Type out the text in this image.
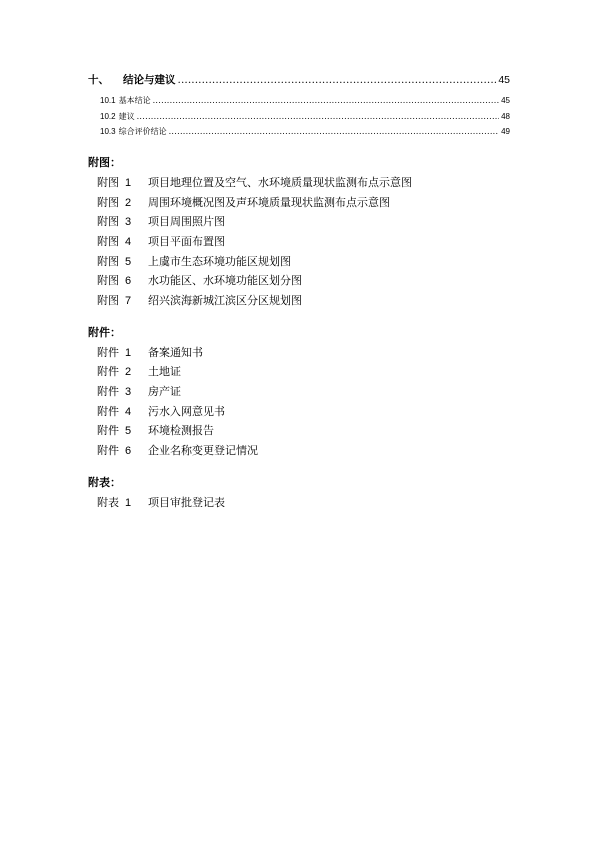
十、 结论与建议 .....	45
10.1 基本结论 .....	45
10.2 建议 .....	48
10.3 综合评价结论 .....	49
附图：
附图 1	项目地理位置及空气、水环境质量现状监测布点示意图
附图 2	周围环境概况图及声环境质量现状监测布点示意图
附图 3	项目周围照片图
附图 4	项目平面布置图
附图 5	上虞市生态环境功能区规划图
附图 6	水功能区、水环境功能区划分图
附图 7	绍兴滨海新城江滨区分区规划图
附件：
附件 1	备案通知书
附件 2	土地证
附件 3	房产证
附件 4	污水入网意见书
附件 5	环境检测报告
附件 6	企业名称变更登记情况
附表：
附表 1	项目审批登记表
